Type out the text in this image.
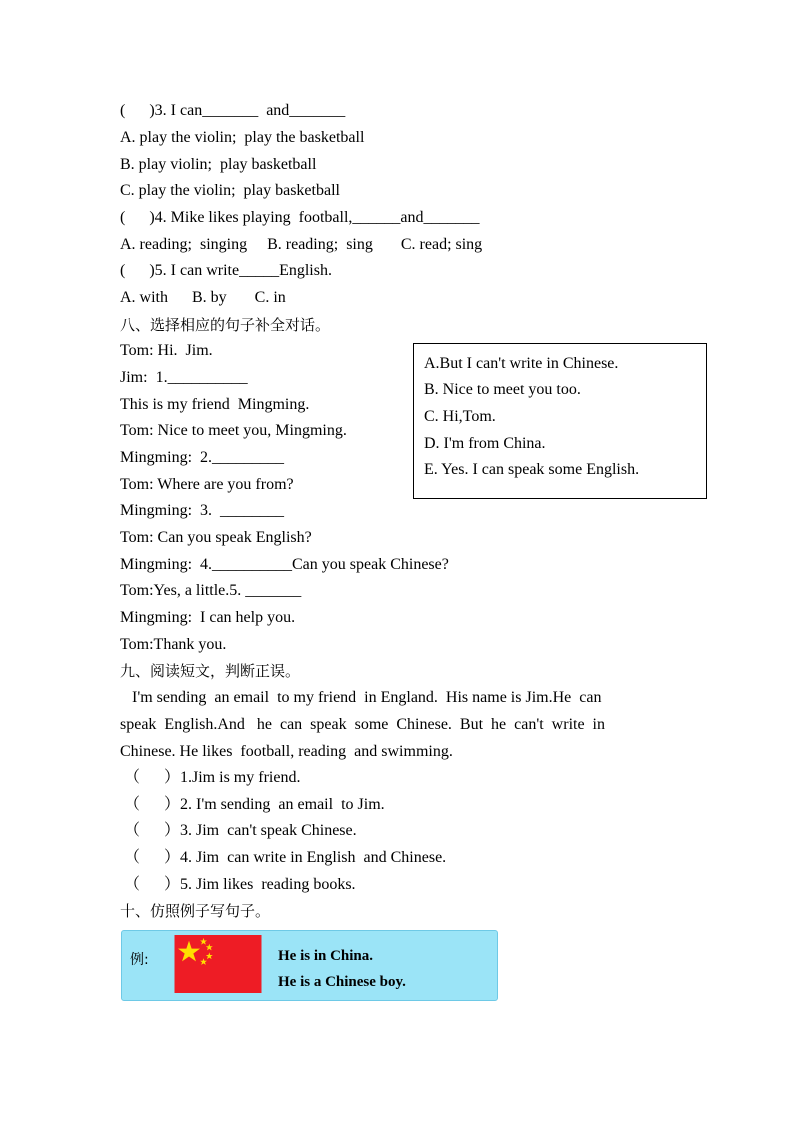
(      )3. I can_______  and_______
A. play the violin;  play the basketball
B. play violin;  play basketball
C. play the violin;  play basketball
(      )4. Mike likes playing  football,______and_______
A. reading;  singing     B. reading;  sing       C. read; sing
(      )5. I can write_____English.
A. with      B. by       C. in
八、选择相应的句子补全对话。
Tom: Hi.  Jim.
Jim:  1.__________
This is my friend  Mingming.
Tom: Nice to meet you, Mingming.
Mingming:  2._________
Tom: Where are you from?
Mingming:  3.  ________
Tom: Can you speak English?
Mingming:  4.__________Can you speak Chinese?
Tom:Yes, a little.5. _______
Mingming:  I can help you.
Tom:Thank you.
A.But I can't write in Chinese.
B. Nice to meet you too.
C. Hi,Tom.
D. I'm from China.
E. Yes. I can speak some English.
九、阅读短文，判断正误。
I'm sending  an email  to my friend  in England.  His name is Jim.He  can
speak  English.And   he  can  speak  some  Chinese.  But  he  can't  write  in
Chinese. He likes  football, reading  and swimming.
（      ）1.Jim is my friend.
（      ）2. I'm sending  an email  to Jim.
（      ）3. Jim  can't speak Chinese.
（      ）4. Jim  can write in English  and Chinese.
（      ）5. Jim likes  reading books.
十、仿照例子写句子。
例:	He is in China.
He is a Chinese boy.
